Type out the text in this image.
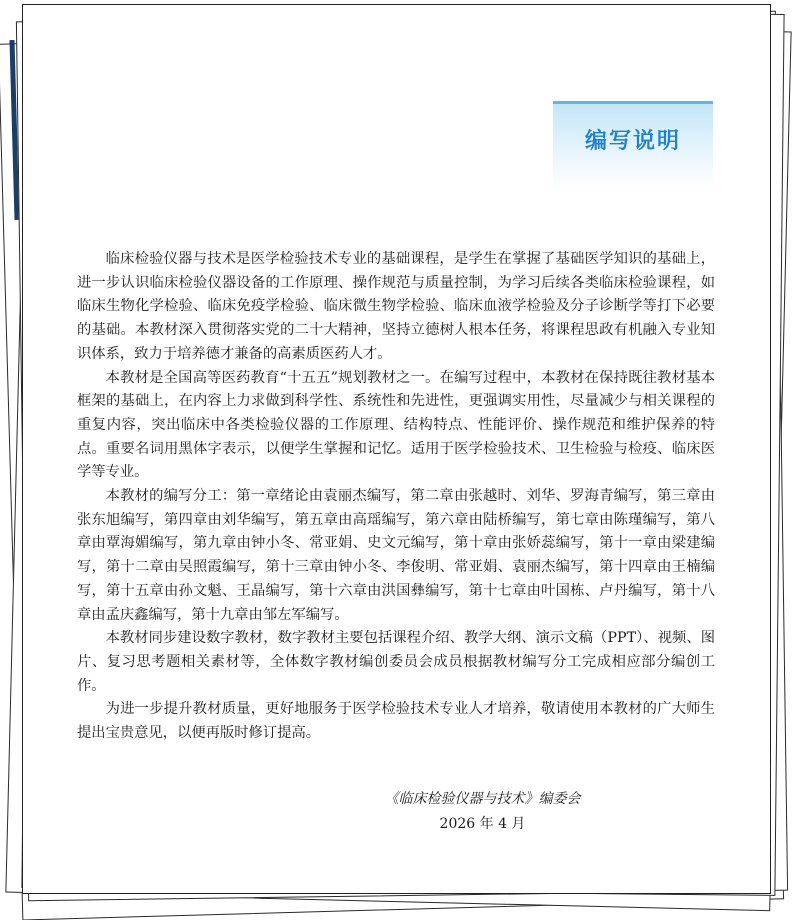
编写说明

临床检验仪器与技术是医学检验技术专业的基础课程，是学生在掌握了基础医学知识的基础上，进一步认识临床检验仪器设备的工作原理、操作规范与质量控制，为学习后续各类临床检验课程，如临床生物化学检验、临床免疫学检验、临床微生物学检验、临床血液学检验及分子诊断学等打下必要的基础。本教材深入贯彻落实党的二十大精神，坚持立德树人根本任务，将课程思政有机融入专业知识体系，致力于培养德才兼备的高素质医药人才。

本教材是全国高等医药教育“十五五”规划教材之一。在编写过程中，本教材在保持既往教材基本框架的基础上，在内容上力求做到科学性、系统性和先进性，更强调实用性，尽量减少与相关课程的重复内容，突出临床中各类检验仪器的工作原理、结构特点、性能评价、操作规范和维护保养的特点。重要名词用黑体字表示，以便学生掌握和记忆。适用于医学检验技术、卫生检验与检疫、临床医学等专业。

本教材的编写分工：第一章绪论由袁丽杰编写，第二章由张越时、刘华、罗海青编写，第三章由张东旭编写，第四章由刘华编写，第五章由高瑶编写，第六章由陆桥编写，第七章由陈瑾编写，第八章由覃海媚编写，第九章由钟小冬、常亚娟、史文元编写，第十章由张娇蕊编写，第十一章由梁建编写，第十二章由吴照霞编写，第十三章由钟小冬、李俊明、常亚娟、袁丽杰编写，第十四章由王楠编写，第十五章由孙文魁、王晶编写，第十六章由洪国彝编写，第十七章由叶国栋、卢丹编写，第十八章由孟庆鑫编写，第十九章由邹左军编写。

本教材同步建设数字教材，数字教材主要包括课程介绍、教学大纲、演示文稿（PPT）、视频、图片、复习思考题相关素材等，全体数字教材编创委员会成员根据教材编写分工完成相应部分编创工作。

为进一步提升教材质量，更好地服务于医学检验技术专业人才培养，敬请使用本教材的广大师生提出宝贵意见，以便再版时修订提高。

《临床检验仪器与技术》编委会
2026 年 4 月
